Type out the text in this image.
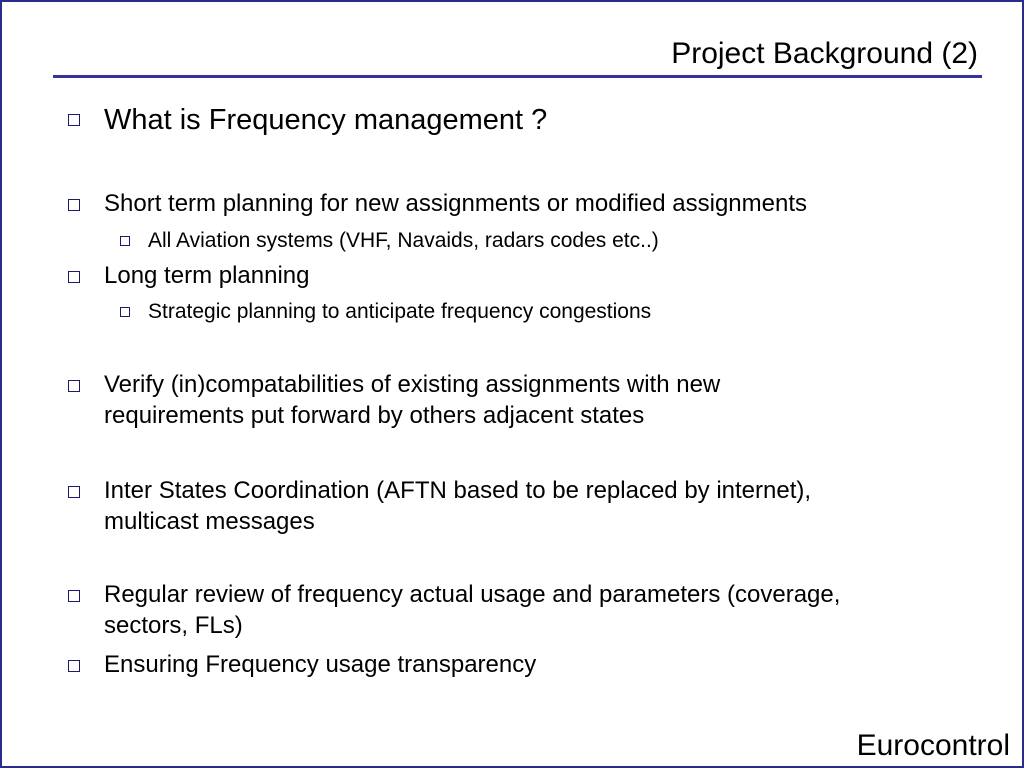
Project Background (2)
What is Frequency management ?
Short term planning for new assignments or modified assignments
All Aviation systems (VHF, Navaids, radars codes etc..)
Long term planning
Strategic planning to anticipate frequency congestions
Verify (in)compatabilities of existing assignments with new
requirements put forward by others adjacent states
Inter States Coordination (AFTN based to be replaced by internet),
multicast messages
Regular review of frequency actual usage and parameters (coverage,
sectors, FLs)
Ensuring Frequency usage transparency
Eurocontrol
